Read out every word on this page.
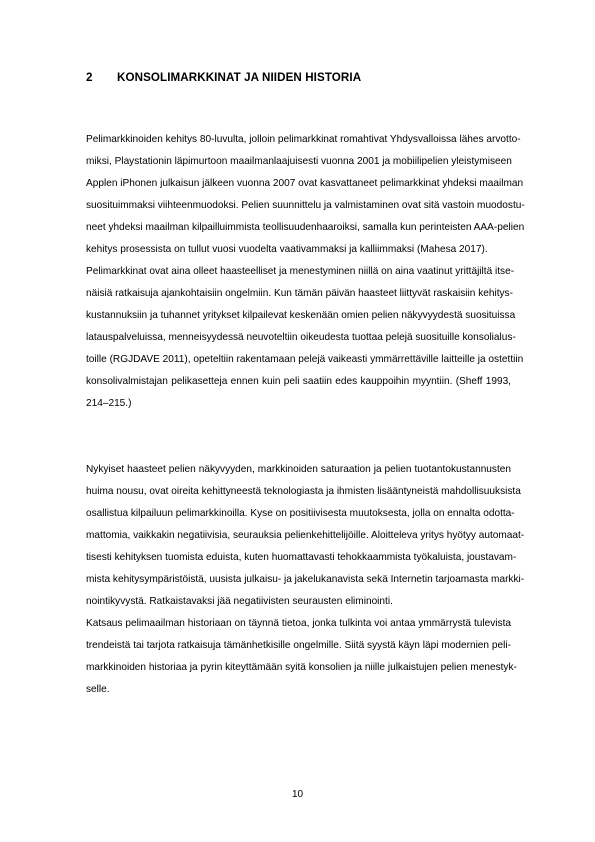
2 KONSOLIMARKKINAT JA NIIDEN HISTORIA
Pelimarkkinoiden kehitys 80-luvulta, jolloin pelimarkkinat romahtivat Yhdysvalloissa lähes arvotto-
miksi, Playstationin läpimurtoon maailmanlaajuisesti vuonna 2001 ja mobiilipelien yleistymiseen
Applen iPhonen julkaisun jälkeen vuonna 2007 ovat kasvattaneet pelimarkkinat yhdeksi maailman
suosituimmaksi viihteenmuodoksi. Pelien suunnittelu ja valmistaminen ovat sitä vastoin muodostu-
neet yhdeksi maailman kilpailluimmista teollisuudenhaaroiksi, samalla kun perinteisten AAA-pelien
kehitys prosessista on tullut vuosi vuodelta vaativammaksi ja kalliimmaksi (Mahesa 2017).
Pelimarkkinat ovat aina olleet haasteelliset ja menestyminen niillä on aina vaatinut yrittäjiltä itse-
näisiä ratkaisuja ajankohtaisiin ongelmiin. Kun tämän päivän haasteet liittyvät raskaisiin kehitys-
kustannuksiin ja tuhannet yritykset kilpailevat keskenään omien pelien näkyvyydestä suosituissa
latauspalveluissa, menneisyydessä neuvoteltiin oikeudesta tuottaa pelejä suosituille konsolialus-
toille (RGJDAVE 2011), opeteltiin rakentamaan pelejä vaikeasti ymmärrettäville laitteille ja ostettiin
konsolivalmistajan pelikasetteja ennen kuin peli saatiin edes kauppoihin myyntiin. (Sheff 1993,
214–215.)
Nykyiset haasteet pelien näkyvyyden, markkinoiden saturaation ja pelien tuotantokustannusten
huima nousu, ovat oireita kehittyneestä teknologiasta ja ihmisten lisääntyneistä mahdollisuuksista
osallistua kilpailuun pelimarkkinoilla. Kyse on positiivisesta muutoksesta, jolla on ennalta odotta-
mattomia, vaikkakin negatiivisia, seurauksia pelienkehittelijöille. Aloitteleva yritys hyötyy automaat-
tisesti kehityksen tuomista eduista, kuten huomattavasti tehokkaammista työkaluista, joustavam-
mista kehitysympäristöistä, uusista julkaisu- ja jakelukanavista sekä Internetin tarjoamasta markki-
nointikyvystä. Ratkaistavaksi jää negatiivisten seurausten eliminointi.
Katsaus pelimaailman historiaan on täynnä tietoa, jonka tulkinta voi antaa ymmärrystä tulevista
trendeistä tai tarjota ratkaisuja tämänhetkisille ongelmille. Siitä syystä käyn läpi modernien peli-
markkinoiden historiaa ja pyrin kiteyttämään syitä konsolien ja niille julkaistujen pelien menestyk-
selle.
10
